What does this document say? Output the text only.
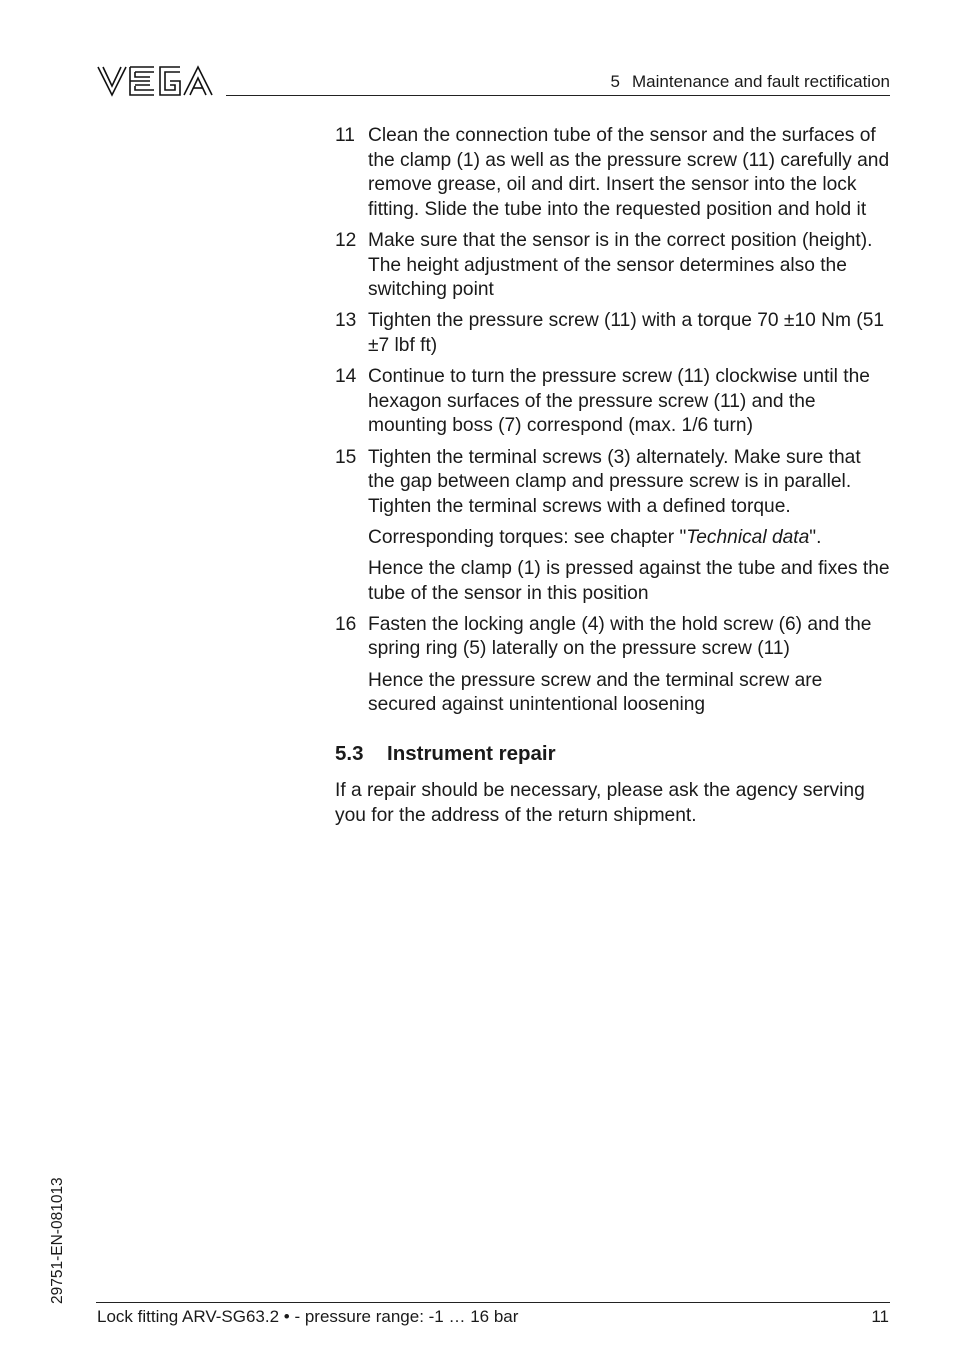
5 Maintenance and fault rectification
11 Clean the connection tube of the sensor and the surfaces of the clamp (1) as well as the pressure screw (11) carefully and remove grease, oil and dirt. Insert the sensor into the lock fitting. Slide the tube into the requested position and hold it
12 Make sure that the sensor is in the correct position (height). The height adjustment of the sensor determines also the switching point
13 Tighten the pressure screw (11) with a torque 70 ±10 Nm (51 ±7 lbf ft)
14 Continue to turn the pressure screw (11) clockwise until the hexagon surfaces of the pressure screw (11) and the mounting boss (7) correspond (max. 1/6 turn)
15 Tighten the terminal screws (3) alternately. Make sure that the gap between clamp and pressure screw is in parallel. Tighten the terminal screws with a defined torque.
Corresponding torques: see chapter "Technical data".
Hence the clamp (1) is pressed against the tube and fixes the tube of the sensor in this position
16 Fasten the locking angle (4) with the hold screw (6) and the spring ring (5) laterally on the pressure screw (11)
Hence the pressure screw and the terminal screw are secured against unintentional loosening
5.3	Instrument repair

If a repair should be necessary, please ask the agency serving you for the address of the return shipment.

29751-EN-081013
Lock fitting ARV-SG63.2 • - pressure range: -1 … 16 bar	11
